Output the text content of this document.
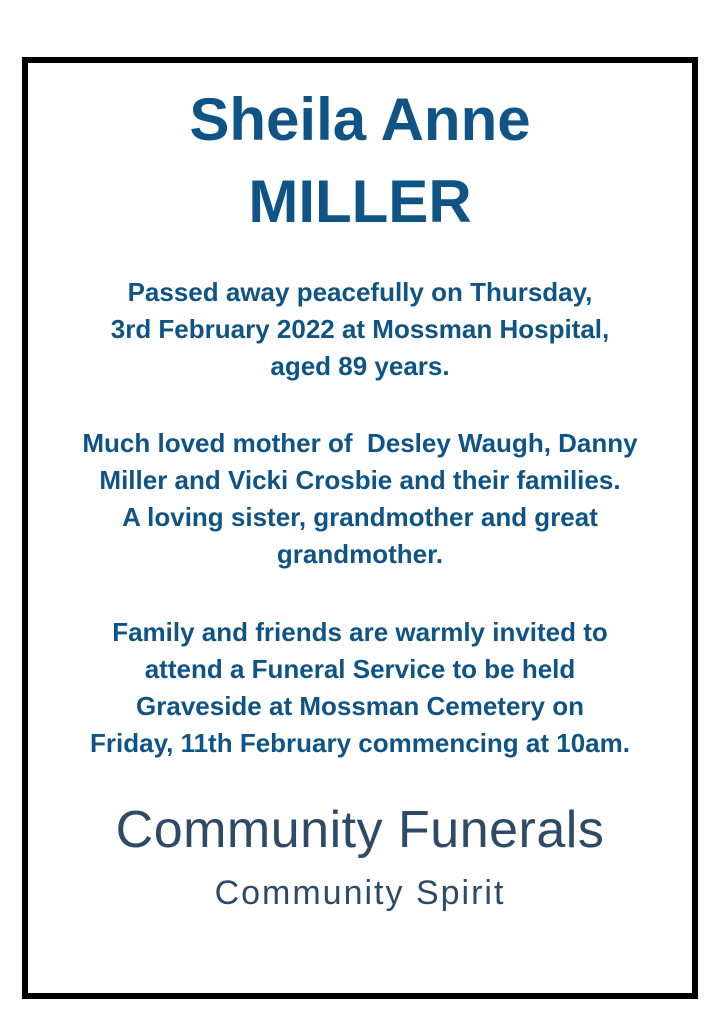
Sheila Anne
MILLER
Passed away peacefully on Thursday,
3rd February 2022 at Mossman Hospital,
aged 89 years.
Much loved mother of  Desley Waugh, Danny
Miller and Vicki Crosbie and their families.
A loving sister, grandmother and great
grandmother.
Family and friends are warmly invited to
attend a Funeral Service to be held
Graveside at Mossman Cemetery on
Friday, 11th February commencing at 10am.
Community Funerals
Community Spirit
